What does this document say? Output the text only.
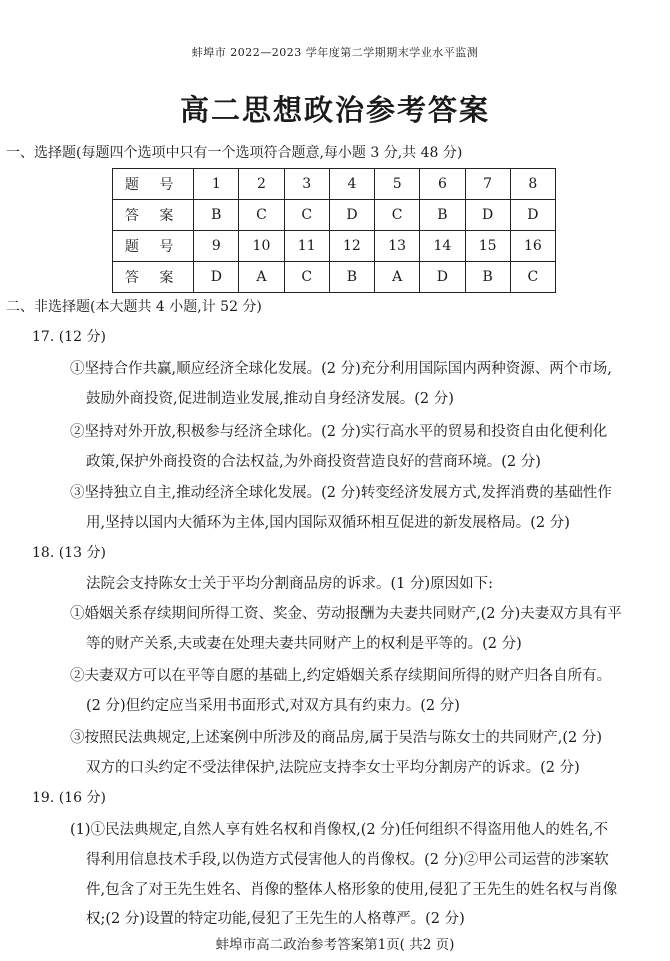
蚌埠市 2022—2023 学年度第二学期期末学业水平监测
高二思想政治参考答案
一、选择题(每题四个选项中只有一个选项符合题意,每小题 3 分,共 48 分)
题 号	1	2	3	4	5	6	7	8
答 案	B	C	C	D	C	B	D	D
题 号	9	10	11	12	13	14	15	16
答 案	D	A	C	B	A	D	B	C
二、非选择题(本大题共 4 小题,计 52 分)
17. (12 分)
①坚持合作共赢,顺应经济全球化发展。(2 分)充分利用国际国内两种资源、两个市场,
鼓励外商投资,促进制造业发展,推动自身经济发展。(2 分)
②坚持对外开放,积极参与经济全球化。(2 分)实行高水平的贸易和投资自由化便利化
政策,保护外商投资的合法权益,为外商投资营造良好的营商环境。(2 分)
③坚持独立自主,推动经济全球化发展。(2 分)转变经济发展方式,发挥消费的基础性作
用,坚持以国内大循环为主体,国内国际双循环相互促进的新发展格局。(2 分)
18. (13 分)
法院会支持陈女士关于平均分割商品房的诉求。(1 分)原因如下:
①婚姻关系存续期间所得工资、奖金、劳动报酬为夫妻共同财产,(2 分)夫妻双方具有平
等的财产关系,夫或妻在处理夫妻共同财产上的权利是平等的。(2 分)
②夫妻双方可以在平等自愿的基础上,约定婚姻关系存续期间所得的财产归各自所有。
(2 分)但约定应当采用书面形式,对双方具有约束力。(2 分)
③按照民法典规定,上述案例中所涉及的商品房,属于吴浩与陈女士的共同财产,(2 分)
双方的口头约定不受法律保护,法院应支持李女士平均分割房产的诉求。(2 分)
19. (16 分)
(1)①民法典规定,自然人享有姓名权和肖像权,(2 分)任何组织不得盗用他人的姓名,不
得利用信息技术手段,以伪造方式侵害他人的肖像权。(2 分)②甲公司运营的涉案软
件,包含了对王先生姓名、肖像的整体人格形象的使用,侵犯了王先生的姓名权与肖像
权;(2 分)设置的特定功能,侵犯了王先生的人格尊严。(2 分)
蚌埠市高二政治参考答案第1页( 共2 页)
